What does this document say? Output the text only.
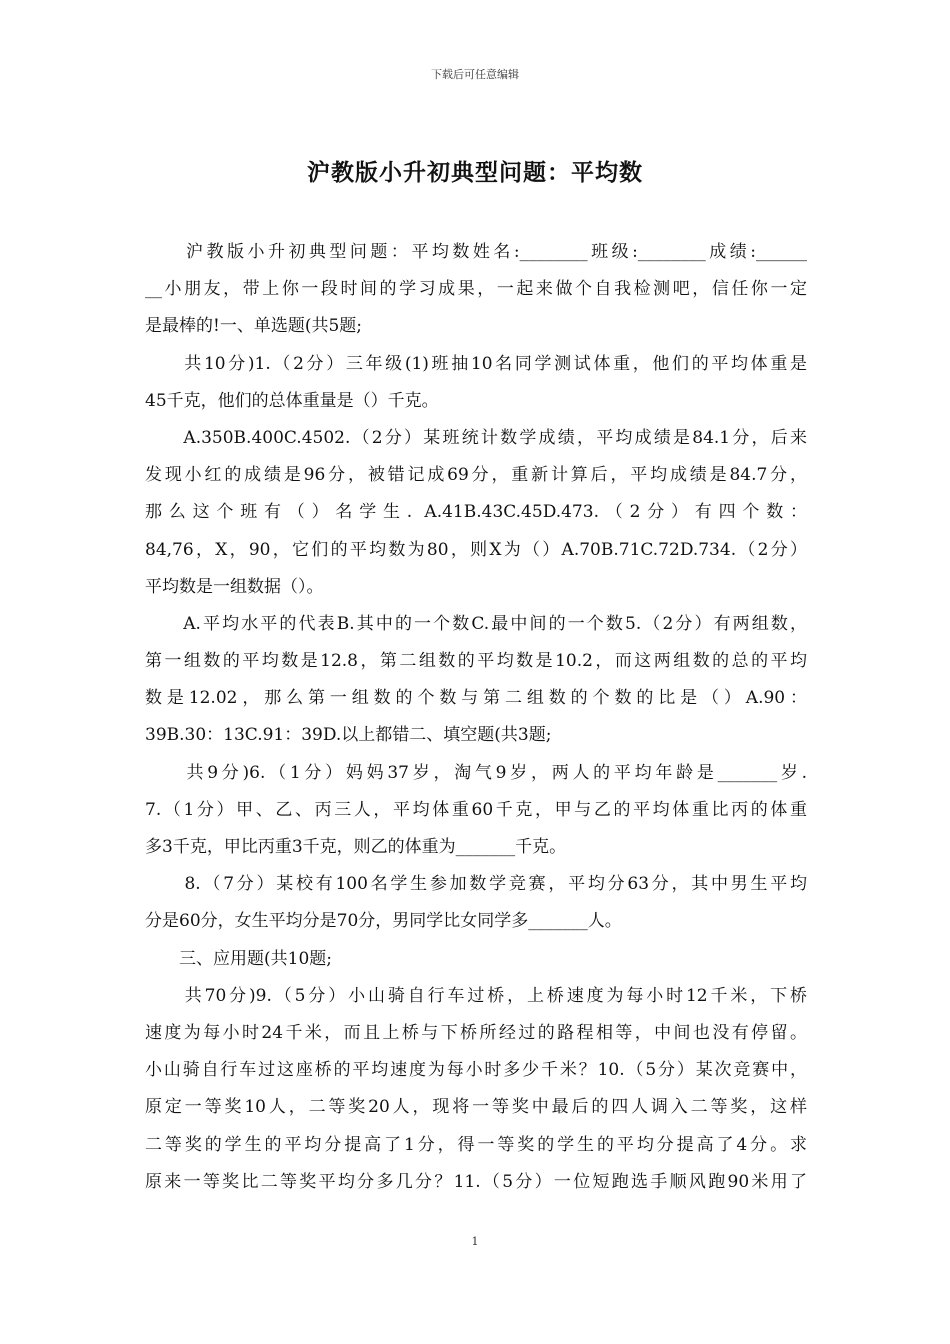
下载后可任意编辑
沪教版小升初典型问题：平均数
　　沪教版小升初典型问题：平均数姓名:________班级:________成绩:______
__小朋友，带上你一段时间的学习成果，一起来做个自我检测吧，信任你一定
是最棒的!一、单选题(共5题;
　　共10分)1.（2分）三年级(1)班抽10名同学测试体重，他们的平均体重是
45千克，他们的总体重量是（）千克。
　　A.350B.400C.4502.（2分）某班统计数学成绩，平均成绩是84.1分，后来
发现小红的成绩是96分，被错记成69分，重新计算后，平均成绩是84.7分，
那么这个班有（）名学生. A.41B.43C.45D.473.（2分）有四个数：
84,76，X，90，它们的平均数为80，则X为（）A.70B.71C.72D.734.（2分）
平均数是一组数据（）。
　　A.平均水平的代表B.其中的一个数C.最中间的一个数5.（2分）有两组数，
第一组数的平均数是12.8，第二组数的平均数是10.2，而这两组数的总的平均
数是12.02，那么第一组数的个数与第二组数的个数的比是（）A.90：
39B.30：13C.91：39D.以上都错二、填空题(共3题;
　　共9分)6.（1分）妈妈37岁，淘气9岁，两人的平均年龄是_______岁.
7.（1分）甲、乙、丙三人，平均体重60千克，甲与乙的平均体重比丙的体重
多3千克，甲比丙重3千克，则乙的体重为_______千克。
　　8.（7分）某校有100名学生参加数学竞赛，平均分63分，其中男生平均
分是60分，女生平均分是70分，男同学比女同学多_______人。
　　三、应用题(共10题;
　　共70分)9.（5分）小山骑自行车过桥，上桥速度为每小时12千米，下桥
速度为每小时24千米，而且上桥与下桥所经过的路程相等，中间也没有停留。
小山骑自行车过这座桥的平均速度为每小时多少千米？10.（5分）某次竞赛中，
原定一等奖10人，二等奖20人，现将一等奖中最后的四人调入二等奖，这样
二等奖的学生的平均分提高了1分，得一等奖的学生的平均分提高了4分。求
原来一等奖比二等奖平均分多几分？11.（5分）一位短跑选手顺风跑90米用了
1
